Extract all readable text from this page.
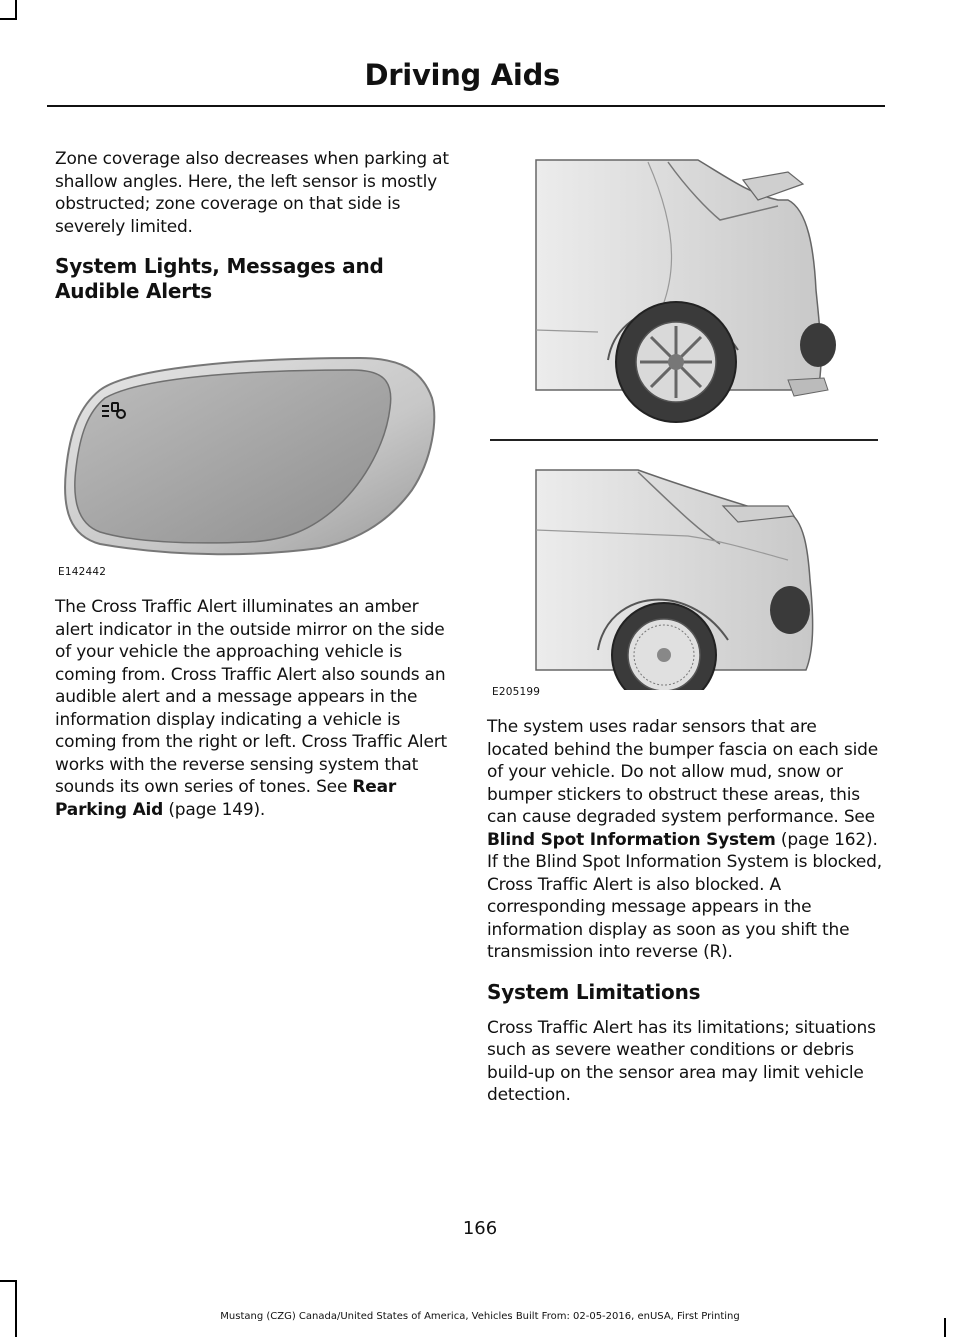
Driving Aids

Zone coverage also decreases when parking at shallow angles. Here, the left sensor is mostly obstructed; zone coverage on that side is severely limited.

System Lights, Messages and Audible Alerts
E142442

The Cross Traffic Alert illuminates an amber alert indicator in the outside mirror on the side of your vehicle the approaching vehicle is coming from. Cross Traffic Alert also sounds an audible alert and a message appears in the information display indicating a vehicle is coming from the right or left. Cross Traffic Alert works with the reverse sensing system that sounds its own series of tones. See Rear Parking Aid (page 149).

E205199

The system uses radar sensors that are located behind the bumper fascia on each side of your vehicle. Do not allow mud, snow or bumper stickers to obstruct these areas, this can cause degraded system performance. See Blind Spot Information System (page 162). If the Blind Spot Information System is blocked, Cross Traffic Alert is also blocked. A corresponding message appears in the information display as soon as you shift the transmission into reverse (R).

System Limitations

Cross Traffic Alert has its limitations; situations such as severe weather conditions or debris build-up on the sensor area may limit vehicle detection.

166
Mustang (CZG) Canada/United States of America, Vehicles Built From: 02-05-2016, enUSA, First Printing
